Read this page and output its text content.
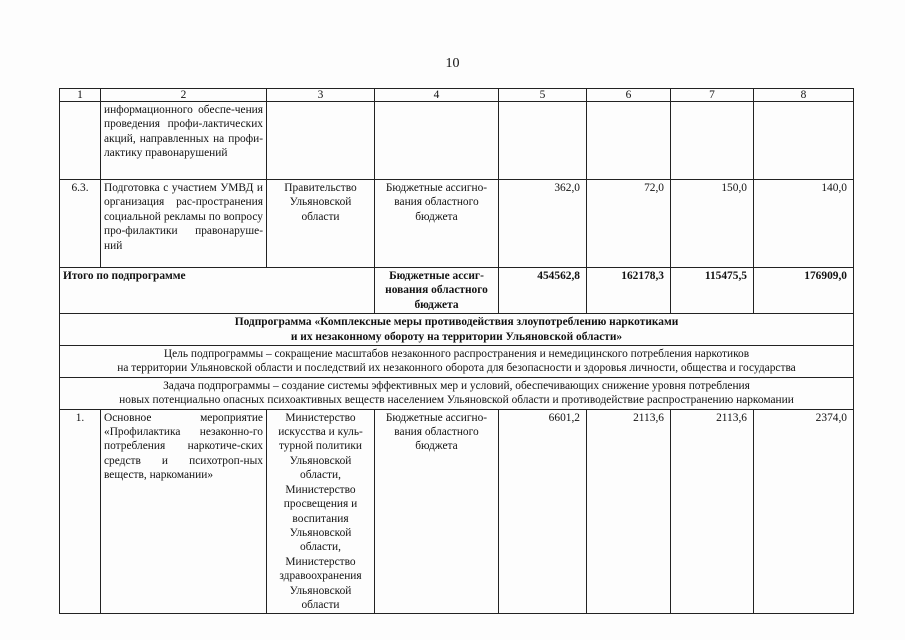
10
1	2	3	4	5	6	7	8
	информационного обеспе-чения проведения профи-лактических акций, направленных на профи-лактику правонарушений						
6.3.	Подготовка с участием УМВД и организация рас-пространения социальной рекламы по вопросу про-филактики правонаруше-ний	Правительство Ульяновской области	Бюджетные ассигно-вания областного бюджета	362,0	72,0	150,0	140,0
Итого по подпрограмме			Бюджетные ассиг-нования областного бюджета	454562,8	162178,3	115475,5	176909,0

Подпрограмма «Комплексные меры противодействия злоупотреблению наркотиками
и их незаконному обороту на территории Ульяновской области»							

Цель подпрограммы – сокращение масштабов незаконного распространения и немедицинского потребления наркотиков
на территории Ульяновской области и последствий их незаконного оборота для безопасности и здоровья личности, общества и государства							

Задача подпрограммы – создание системы эффективных мер и условий, обеспечивающих снижение уровня потребления
новых потенциально опасных психоактивных веществ населением Ульяновской области и противодействие распространению наркомании							

1.	Основное мероприятие «Профилактика незаконно-го потребления наркотиче-ских средств и психотроп-ных веществ, наркомании»	Министерство искусства и куль-турной политики Ульяновской области, Министерство просвещения и воспитания Ульяновской области, Министерство здравоохранения Ульяновской области	Бюджетные ассигно-вания областного бюджета	6601,2	2113,6	2113,6	2374,0
